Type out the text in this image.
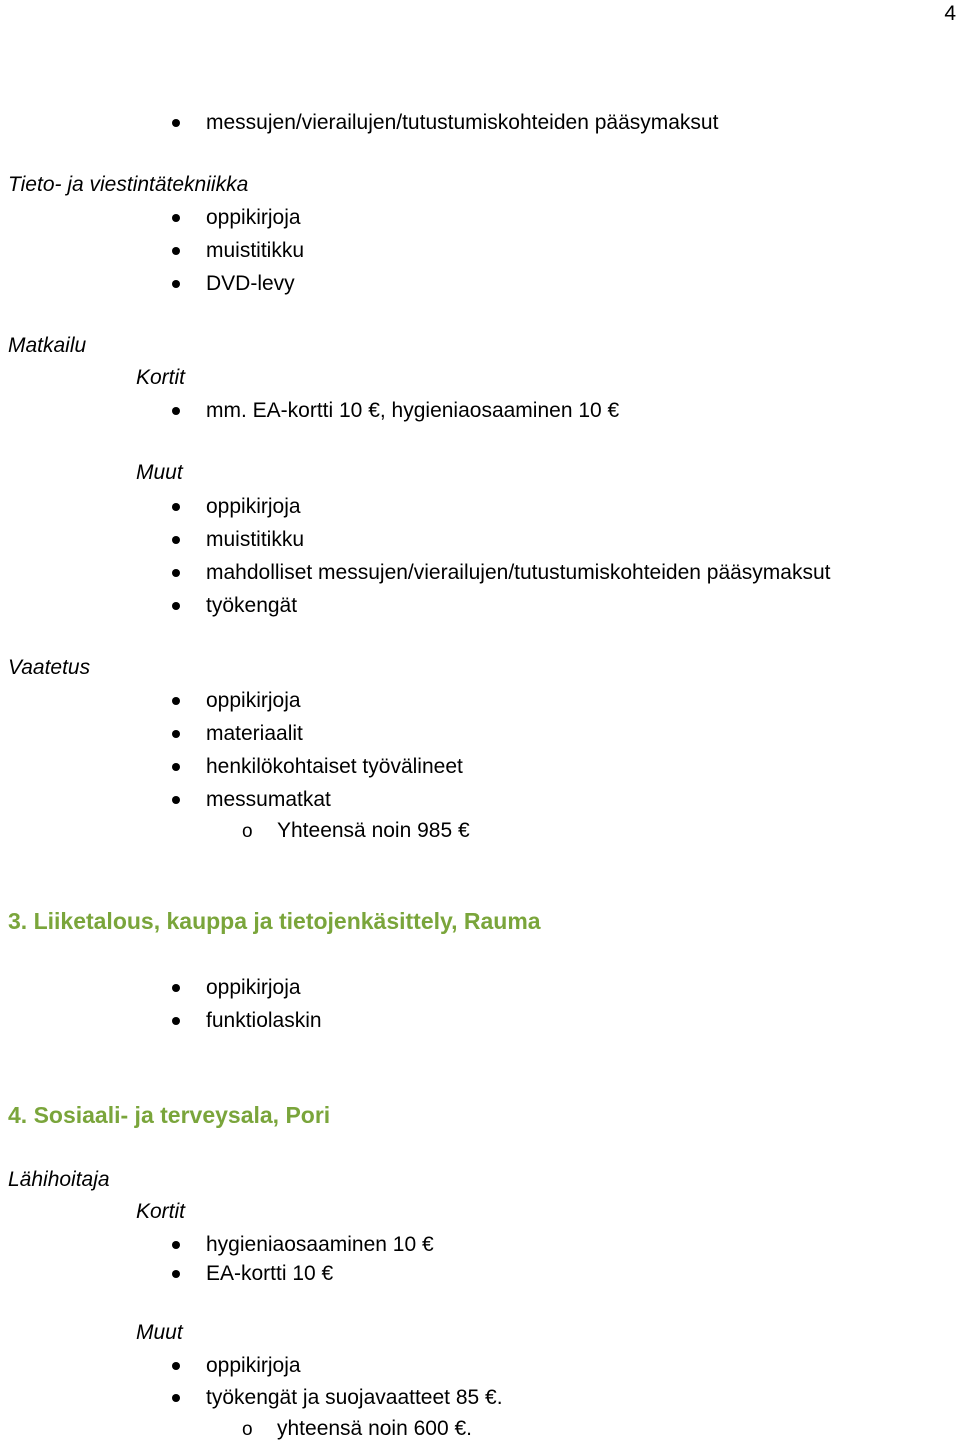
4
messujen/vierailujen/tutustumiskohteiden pääsymaksut
Tieto- ja viestintätekniikka
oppikirjoja
muistitikku
DVD-levy
Matkailu
Kortit
mm. EA-kortti 10 €, hygieniaosaaminen 10 €
Muut
oppikirjoja
muistitikku
mahdolliset messujen/vierailujen/tutustumiskohteiden pääsymaksut
työkengät
Vaatetus
oppikirjoja
materiaalit
henkilökohtaiset työvälineet
messumatkat
o Yhteensä noin 985 €
3. Liiketalous, kauppa ja tietojenkäsittely, Rauma
oppikirjoja
funktiolaskin
4. Sosiaali- ja terveysala, Pori
Lähihoitaja
Kortit
hygieniaosaaminen 10 €
EA-kortti 10 €
Muut
oppikirjoja
työkengät ja suojavaatteet 85 €.
o yhteensä noin 600 €.
